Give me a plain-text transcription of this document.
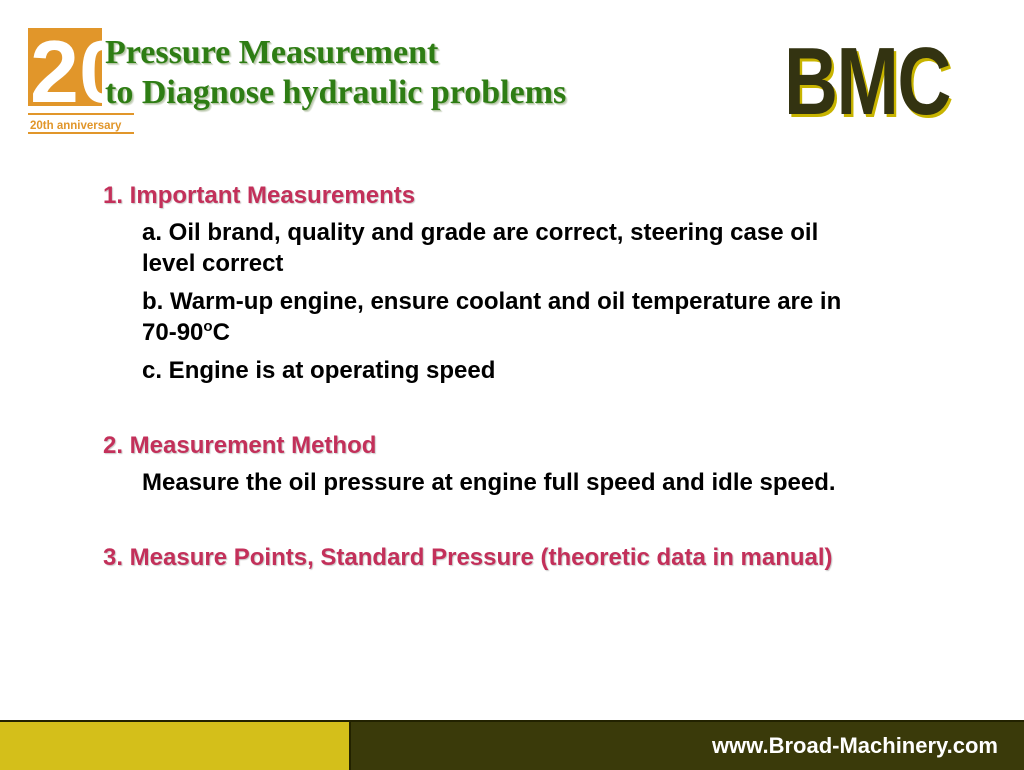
20
20th anniversary
Pressure Measurement
to Diagnose hydraulic problems BMC

1. Important Measurements

a. Oil brand, quality and grade are correct, steering case oil level correct

b. Warm-up engine, ensure coolant and oil temperature are in 70-90$^o$C

c. Engine is at operating speed

2. Measurement Method

Measure the oil pressure at engine full speed and idle speed.

3. Measure Points, Standard Pressure (theoretic data in manual)

www.Broad-Machinery.com
